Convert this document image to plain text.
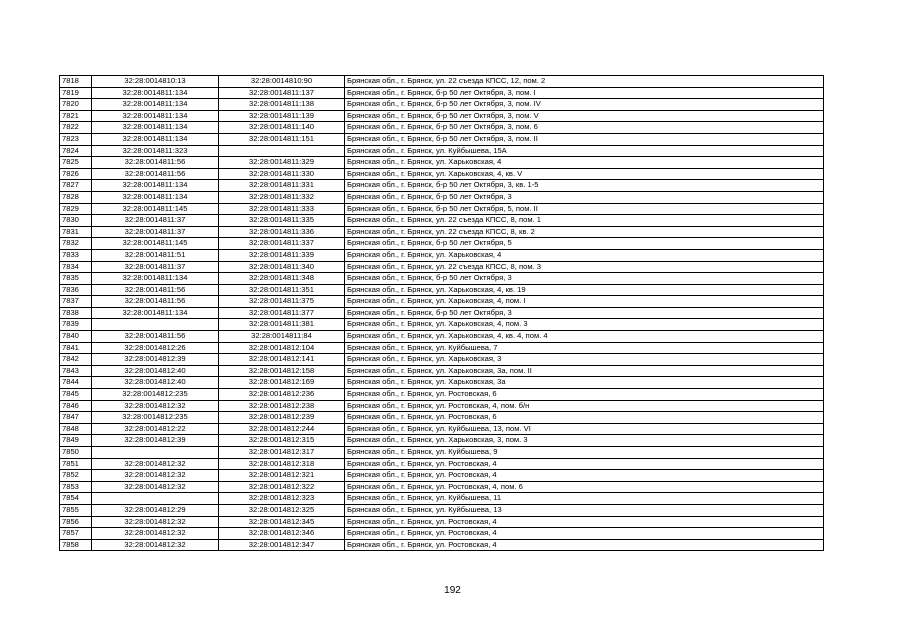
7818	32:28:0014810:13	32:28:0014810:90	Брянская обл., г. Брянск, ул. 22 съезда КПСС, 12, пом. 2
7819	32:28:0014811:134	32:28:0014811:137	Брянская обл., г. Брянск, б-р 50 лет Октября, 3, пом. I
7820	32:28:0014811:134	32:28:0014811:138	Брянская обл., г. Брянск, б-р 50 лет Октября, 3, пом. IV
7821	32:28:0014811:134	32:28:0014811:139	Брянская обл., г. Брянск, б-р 50 лет Октября, 3, пом. V
7822	32:28:0014811:134	32:28:0014811:140	Брянская обл., г. Брянск, б-р 50 лет Октября, 3, пом. 6
7823	32:28:0014811:134	32:28:0014811:151	Брянская обл., г. Брянск, б-р 50 лет Октября, 3, пом. II
7824	32:28:0014811:323		Брянская обл., г. Брянск, ул. Куйбышева, 15А
7825	32:28:0014811:56	32:28:0014811:329	Брянская обл., г. Брянск, ул. Харьковская, 4
7826	32:28:0014811:56	32:28:0014811:330	Брянская обл., г. Брянск, ул. Харьковская, 4, кв. V
7827	32:28:0014811:134	32:28:0014811:331	Брянская обл., г. Брянск, б-р 50 лет Октября, 3, кв. 1-5
7828	32:28:0014811:134	32:28:0014811:332	Брянская обл., г. Брянск, б-р 50 лет Октября, 3
7829	32:28:0014811:145	32:28:0014811:333	Брянская обл., г. Брянск, б-р 50 лет Октября, 5, пом. II
7830	32:28:0014811:37	32:28:0014811:335	Брянская обл., г. Брянск, ул. 22 съезда КПСС, 8, пом. 1
7831	32:28:0014811:37	32:28:0014811:336	Брянская обл., г. Брянск, ул. 22 съезда КПСС, 8, кв. 2
7832	32:28:0014811:145	32:28:0014811:337	Брянская обл., г. Брянск, б-р 50 лет Октября, 5
7833	32:28:0014811:51	32:28:0014811:339	Брянская обл., г. Брянск, ул. Харьковская, 4
7834	32:28:0014811:37	32:28:0014811:340	Брянская обл., г. Брянск, ул. 22 съезда КПСС, 8, пом. 3
7835	32:28:0014811:134	32:28:0014811:348	Брянская обл., г. Брянск, б-р 50 лет Октября, 3
7836	32:28:0014811:56	32:28:0014811:351	Брянская обл., г. Брянск, ул. Харьковская, 4, кв. 19
7837	32:28:0014811:56	32:28:0014811:375	Брянская обл., г. Брянск, ул. Харьковская, 4, пом. I
7838	32:28:0014811:134	32:28:0014811:377	Брянская обл., г. Брянск, б-р 50 лет Октября, 3
7839		32:28:0014811:381	Брянская обл., г. Брянск, ул. Харьковская, 4, пом. 3
7840	32:28:0014811:56	32:28:0014811:84	Брянская обл., г. Брянск, ул. Харьковская, 4, кв. 4, пом. 4
7841	32:28:0014812:26	32:28:0014812:104	Брянская обл., г. Брянск, ул. Куйбышева, 7
7842	32:28:0014812:39	32:28:0014812:141	Брянская обл., г. Брянск, ул. Харьковская, 3
7843	32:28:0014812:40	32:28:0014812:158	Брянская обл., г. Брянск, ул. Харьковская, 3а, пом. II
7844	32:28:0014812:40	32:28:0014812:169	Брянская обл., г. Брянск, ул. Харьковская, 3а
7845	32:28:0014812:235	32:28:0014812:236	Брянская обл., г. Брянск, ул. Ростовская, 6
7846	32:28:0014812:32	32:28:0014812:238	Брянская обл., г. Брянск, ул. Ростовская, 4, пом. б/н
7847	32:28:0014812:235	32:28:0014812:239	Брянская обл., г. Брянск, ул. Ростовская, 6
7848	32:28:0014812:22	32:28:0014812:244	Брянская обл., г. Брянск, ул. Куйбышева, 13, пом. VI
7849	32:28:0014812:39	32:28:0014812:315	Брянская обл., г. Брянск, ул. Харьковская, 3, пом. 3
7850		32:28:0014812:317	Брянская обл., г. Брянск, ул. Куйбышева, 9
7851	32:28:0014812:32	32:28:0014812:318	Брянская обл., г. Брянск, ул. Ростовская, 4
7852	32:28:0014812:32	32:28:0014812:321	Брянская обл., г. Брянск, ул. Ростовская, 4
7853	32:28:0014812:32	32:28:0014812:322	Брянская обл., г. Брянск, ул. Ростовская, 4, пом. 6
7854		32:28:0014812:323	Брянская обл., г. Брянск, ул. Куйбышева, 11
7855	32:28:0014812:29	32:28:0014812:325	Брянская обл., г. Брянск, ул. Куйбышева, 13
7856	32:28:0014812:32	32:28:0014812:345	Брянская обл., г. Брянск, ул. Ростовская, 4
7857	32:28:0014812:32	32:28:0014812:346	Брянская обл., г. Брянск, ул. Ростовская, 4
7858	32:28:0014812:32	32:28:0014812:347	Брянская обл., г. Брянск, ул. Ростовская, 4
192
